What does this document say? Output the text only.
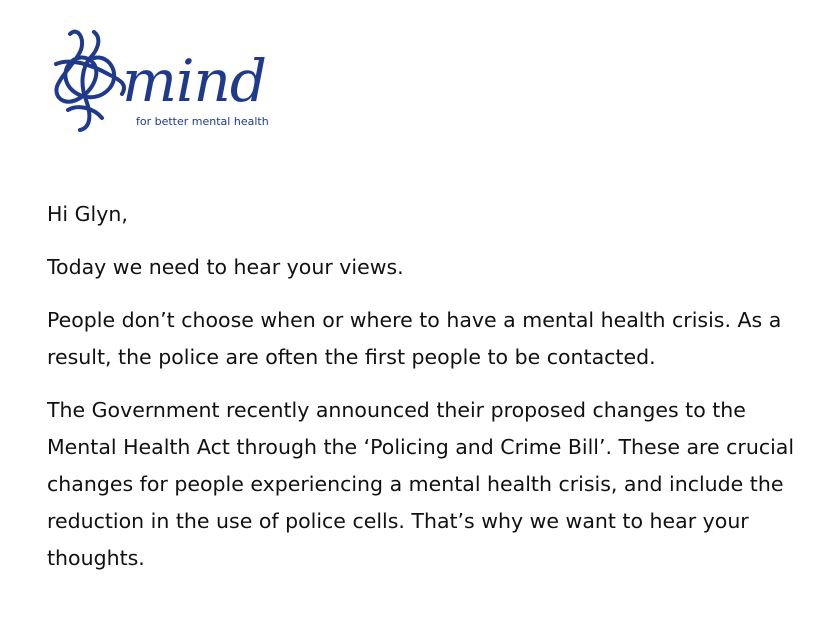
mind
for better mental health

Hi Glyn,

Today we need to hear your views.

People don’t choose when or where to have a mental health crisis. As a result, the police are often the first people to be contacted.

The Government recently announced their proposed changes to the Mental Health Act through the ‘Policing and Crime Bill’. These are crucial changes for people experiencing a mental health crisis, and include the reduction in the use of police cells. That’s why we want to hear your thoughts.
